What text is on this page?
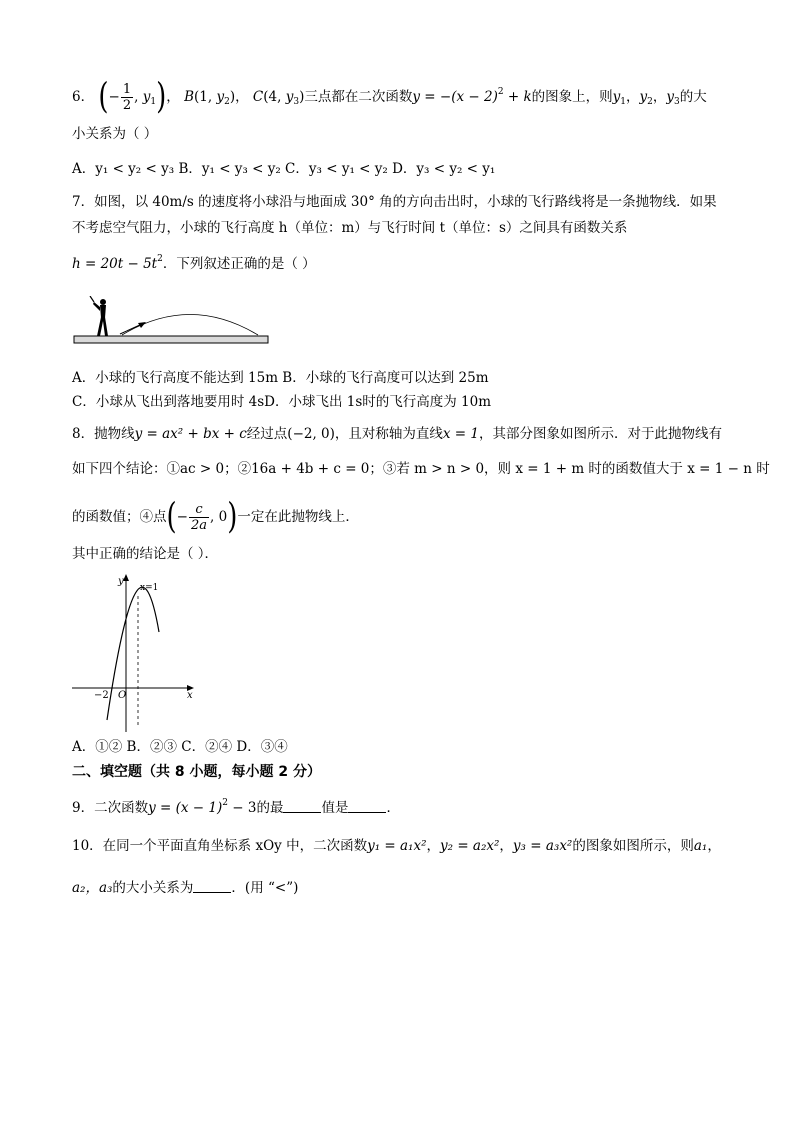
6． (− $\frac{1}{2}$ , $y_1$)， B(1, $y_2$)， C(4, $y_3$)三点都在二次函数$y = -(x - 2)^2 + k$的图象上，则$y_1$，$y_2$，$y_3$的大
小关系为（ ）
A．y₁ < y₂ < y₃ B．y₁ < y₃ < y₂ C．y₃ < y₁ < y₂ D．y₃ < y₂ < y₁
7．如图，以 40m/s 的速度将小球沿与地面成 30° 角的方向击出时，小球的飞行路线将是一条抛物线．如果
不考虑空气阻力，小球的飞行高度 h（单位：m）与飞行时间 t（单位：s）之间具有函数关系
$h = 20t - 5t^2$．下列叙述正确的是（ ）
A．小球的飞行高度不能达到 15m B．小球的飞行高度可以达到 25m
C．小球从飞出到落地要用时 4sD．小球飞出 1s时的飞行高度为 10m
8．抛物线y = ax² + bx + c经过点(−2, 0)，且对称轴为直线x = 1，其部分图象如图所示．对于此抛物线有
如下四个结论：①ac > 0；②16a + 4b + c = 0；③若 m > n > 0，则 x = 1 + m 时的函数值大于 x = 1 − n 时
的函数值；④点(− $\frac{c}{2a}$ , 0)一定在此抛物线上．
其中正确的结论是（ ）．
y
x
O
−2
x=1
A．①② B．②③ C．②④ D．③④
二、填空题（共 8 小题，每小题 2 分）
9．二次函数$y = (x - 1)^2 - 3$的最	值是	．
10．在同一个平面直角坐标系 xOy 中，二次函数y₁ = a₁x²，y₂ = a₂x²，y₃ = a₃x²的图象如图所示，则a₁，
a₂，a₃的大小关系为	．(用 “<”)
